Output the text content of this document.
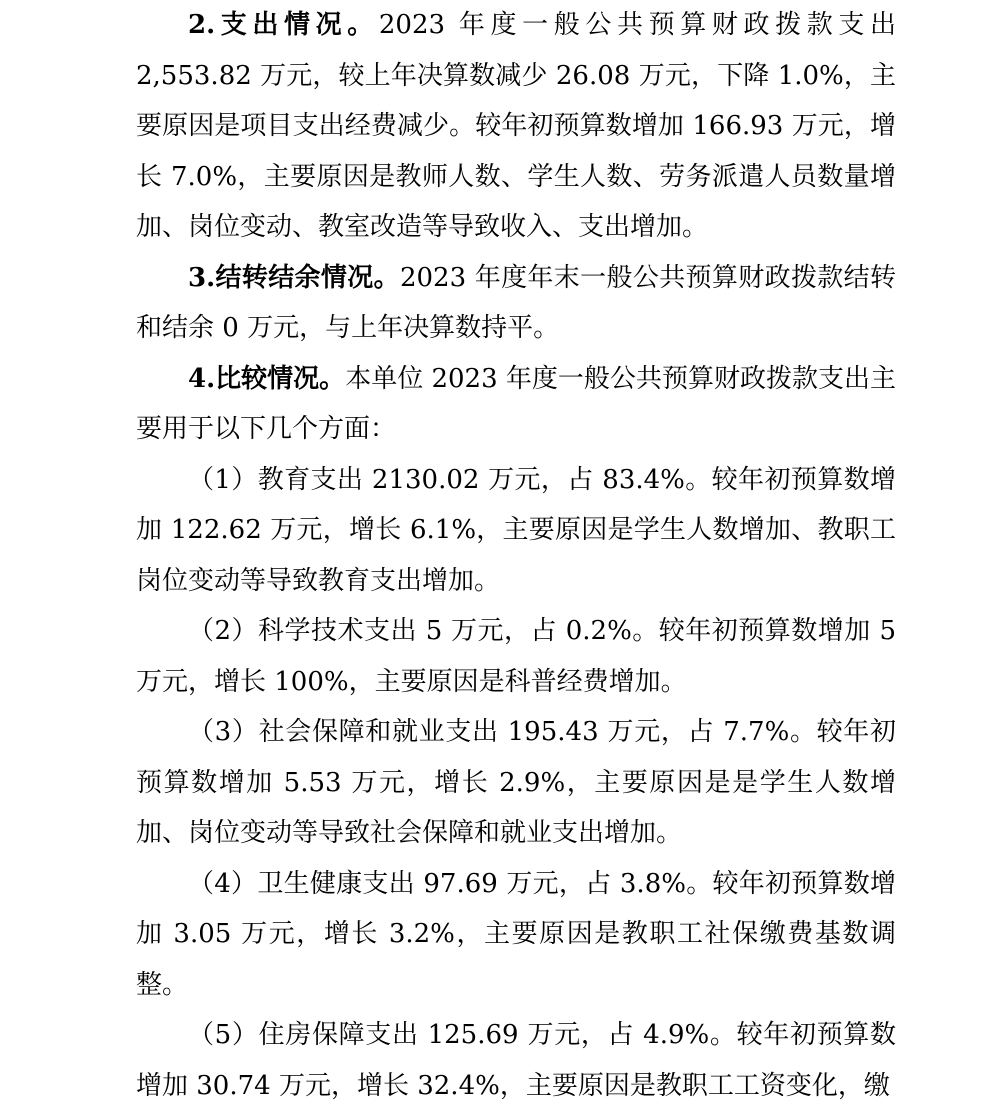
2.支出情况。2023 年度一般公共预算财政拨款支出 2,553.82 万元，较上年决算数减少 26.08 万元，下降 1.0%，主要原因是项目支出经费减少。较年初预算数增加 166.93 万元，增长 7.0%，主要原因是教师人数、学生人数、劳务派遣人员数量增加、岗位变动、教室改造等导致收入、支出增加。

3.结转结余情况。2023 年度年末一般公共预算财政拨款结转和结余 0 万元，与上年决算数持平。

4.比较情况。本单位 2023 年度一般公共预算财政拨款支出主要用于以下几个方面：

（1）教育支出 2130.02 万元，占 83.4%。较年初预算数增加 122.62 万元，增长 6.1%，主要原因是学生人数增加、教职工岗位变动等导致教育支出增加。

（2）科学技术支出 5 万元，占 0.2%。较年初预算数增加 5 万元，增长 100%，主要原因是科普经费增加。

（3）社会保障和就业支出 195.43 万元，占 7.7%。较年初预算数增加 5.53 万元，增长 2.9%，主要原因是是学生人数增加、岗位变动等导致社会保障和就业支出增加。

（4）卫生健康支出 97.69 万元，占 3.8%。较年初预算数增加 3.05 万元，增长 3.2%，主要原因是教职工社保缴费基数调整。

（5）住房保障支出 125.69 万元，占 4.9%。较年初预算数增加 30.74 万元，增长 32.4%，主要原因是教职工工资变化，缴
